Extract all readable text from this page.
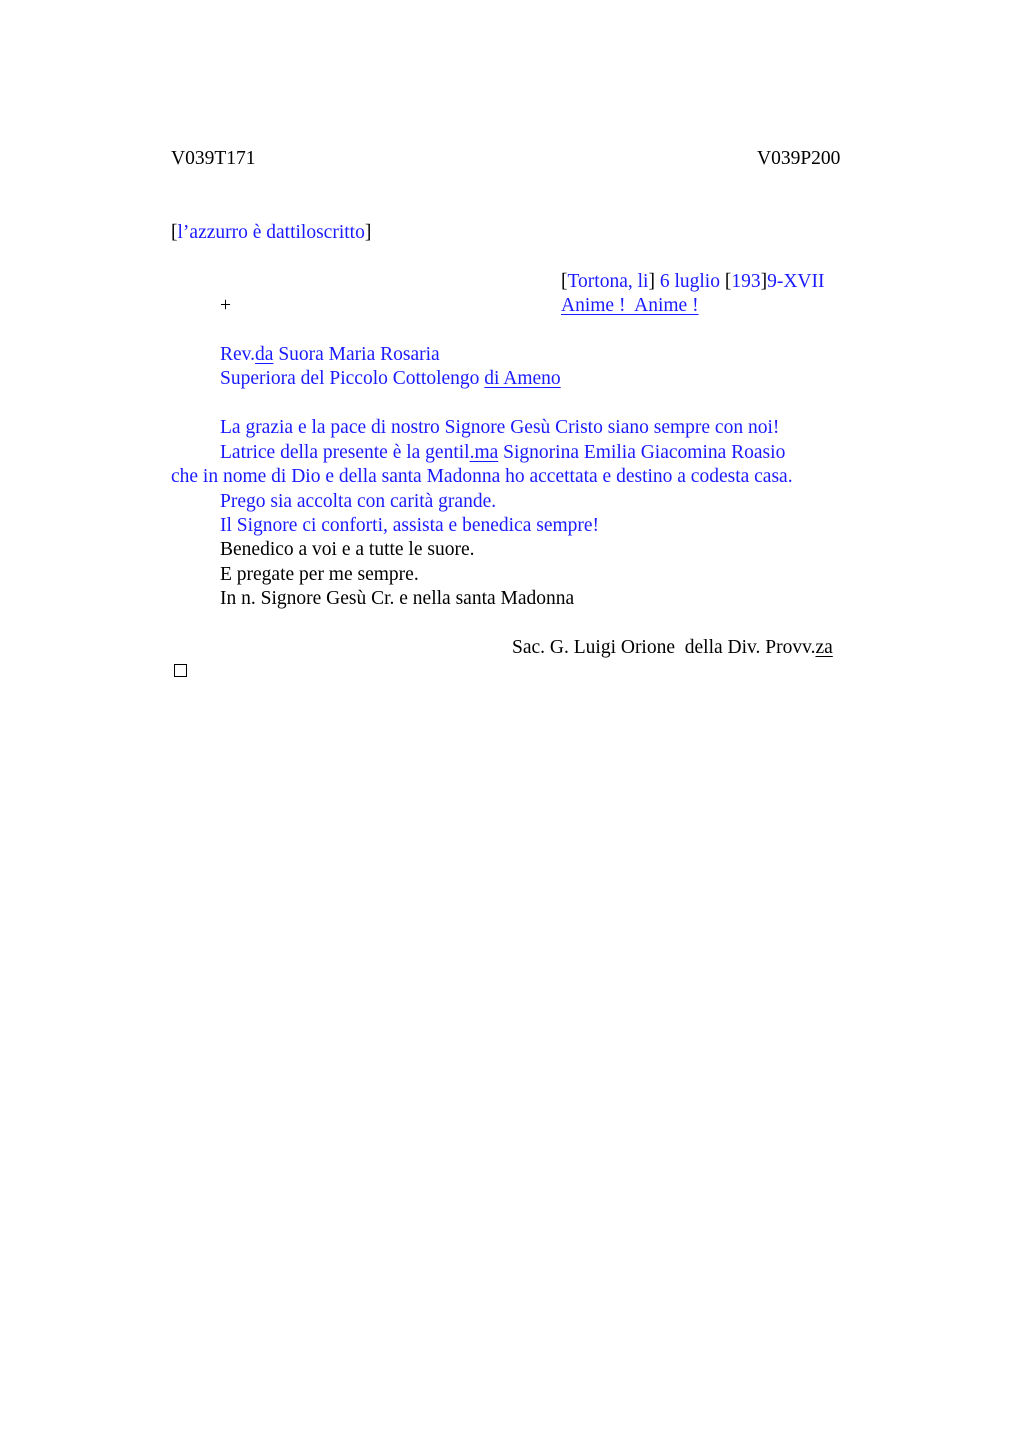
V039T171	V039P200
[l’azzurro è dattiloscritto]
[Tortona, li] 6 luglio [193]9-XVII
+	Anime !  Anime !
Rev.da Suora Maria Rosaria
Superiora del Piccolo Cottolengo di Ameno
La grazia e la pace di nostro Signore Gesù Cristo siano sempre con noi!
Latrice della presente è la gentil.ma Signorina Emilia Giacomina Roasio
che in nome di Dio e della santa Madonna ho accettata e destino a codesta casa.
Prego sia accolta con carità grande.
Il Signore ci conforti, assista e benedica sempre!
Benedico a voi e a tutte le suore.
E pregate per me sempre.
In n. Signore Gesù Cr. e nella santa Madonna
Sac. G. Luigi Orione  della Div. Provv.za
